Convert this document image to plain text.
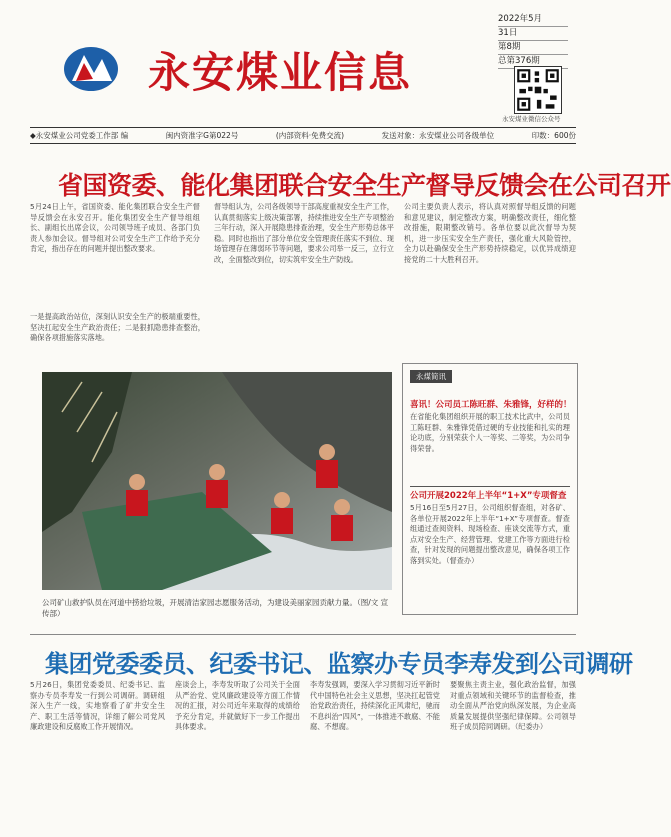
永安煤业信息
2022年5月
31日
第8期
总第376期
永安煤业微信公众号
◆永安煤业公司党委工作部 编	闽内资准字G第022号	(内部资料·免费交流)	发送对象：永安煤业公司各级单位	印数：600份
省国资委、能化集团联合安全生产督导反馈会在公司召开
5月24日上午，省国资委、能化集团联合安全生产督导反馈会在永安召开。能化集团安全生产督导组组长、副组长出席会议，公司领导班子成员、各部门负责人参加会议。督导组对公司安全生产工作给予充分肯定，指出存在的问题并提出整改要求。
一是提高政治站位，深刻认识安全生产的极端重要性，坚决扛起安全生产政治责任；二是狠抓隐患排查整治，确保各项措施落实落地。
督导组认为，公司各级领导干部高度重视安全生产工作，认真贯彻落实上级决策部署，持续推进安全生产专项整治三年行动，深入开展隐患排查治理，安全生产形势总体平稳。同时也指出了部分单位安全管理责任落实不到位、现场管理存在薄弱环节等问题，要求公司举一反三，立行立改，全面整改到位，切实筑牢安全生产防线。
公司主要负责人表示，将认真对照督导组反馈的问题和意见建议，制定整改方案，明确整改责任，细化整改措施，限期整改销号。各单位要以此次督导为契机，进一步压实安全生产责任，强化重大风险管控，全力以赴确保安全生产形势持续稳定，以优异成绩迎接党的二十大胜利召开。
公司矿山救护队员在河道中捞拾垃圾，开展清洁家园志愿服务活动，为建设美丽家园贡献力量。（图/文 宣传部）
永煤简讯
喜讯！公司员工陈旺群、朱雅锋，好样的！
在省能化集团组织开展的职工技术比武中，公司员工陈旺群、朱雅锋凭借过硬的专业技能和扎实的理论功底，分别荣获个人一等奖、二等奖，为公司争得荣誉。
公司开展2022年上半年“1+X”专项督查
5月16日至5月27日，公司组织督查组，对各矿、各单位开展2022年上半年“1+X”专项督查。督查组通过查阅资料、现场检查、座谈交流等方式，重点对安全生产、经营管理、党建工作等方面进行检查，针对发现的问题提出整改意见，确保各项工作落到实处。（督查办）
集团党委委员、纪委书记、监察办专员李寿发到公司调研
5月26日，集团党委委员、纪委书记、监察办专员李寿发一行到公司调研。调研组深入生产一线，实地察看了矿井安全生产、职工生活等情况，详细了解公司党风廉政建设和反腐败工作开展情况。
座谈会上，李寿发听取了公司关于全面从严治党、党风廉政建设等方面工作情况的汇报，对公司近年来取得的成绩给予充分肯定，并就做好下一步工作提出具体要求。
李寿发强调，要深入学习贯彻习近平新时代中国特色社会主义思想，坚决扛起管党治党政治责任，持续深化正风肃纪，驰而不息纠治“四风”，一体推进不敢腐、不能腐、不想腐。
要聚焦主责主业，强化政治监督，加强对重点领域和关键环节的监督检查，推动全面从严治党向纵深发展，为企业高质量发展提供坚强纪律保障。公司领导班子成员陪同调研。（纪委办）
